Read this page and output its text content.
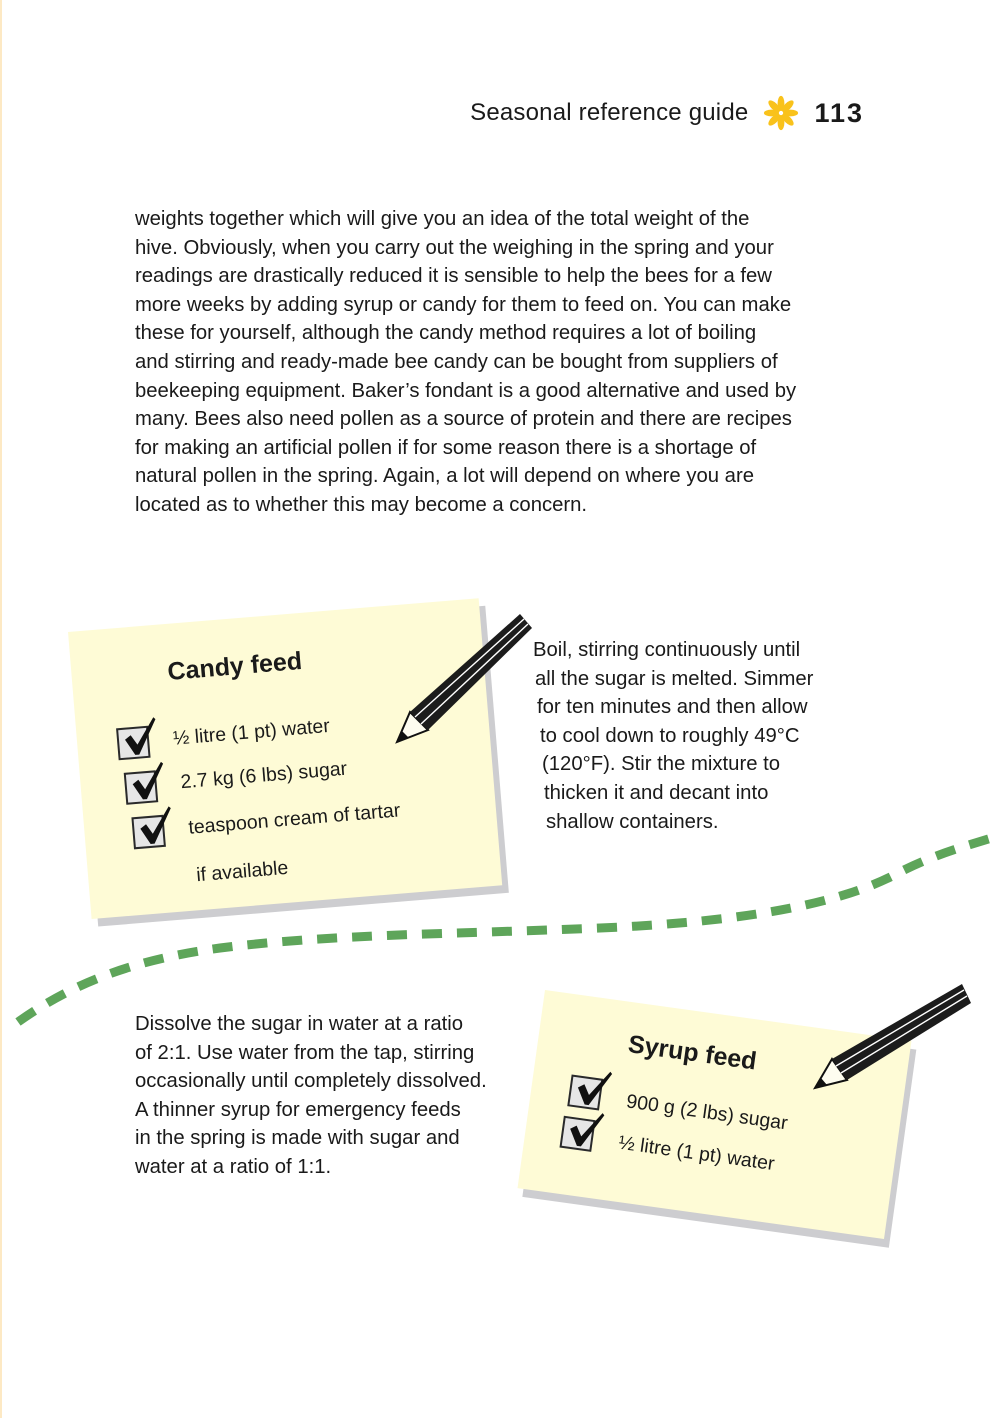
Seasonal reference guide 113
weights together which will give you an idea of the total weight of the
hive. Obviously, when you carry out the weighing in the spring and your
readings are drastically reduced it is sensible to help the bees for a few
more weeks by adding syrup or candy for them to feed on. You can make
these for yourself, although the candy method requires a lot of boiling
and stirring and ready-made bee candy can be bought from suppliers of
beekeeping equipment. Baker’s fondant is a good alternative and used by
many. Bees also need pollen as a source of protein and there are recipes
for making an artificial pollen if for some reason there is a shortage of
natural pollen in the spring. Again, a lot will depend on where you are
located as to whether this may become a concern.
Candy feed
½ litre (1 pt) water
2.7 kg (6 lbs) sugar
teaspoon cream of tartar
if available
Boil, stirring continuously until
all the sugar is melted. Simmer
for ten minutes and then allow
to cool down to roughly 49°C
(120°F). Stir the mixture to
thicken it and decant into
shallow containers.
Syrup feed
900 g (2 lbs) sugar
½ litre (1 pt) water
Dissolve the sugar in water at a ratio
of 2:1. Use water from the tap, stirring
occasionally until completely dissolved.
A thinner syrup for emergency feeds
in the spring is made with sugar and
water at a ratio of 1:1.
